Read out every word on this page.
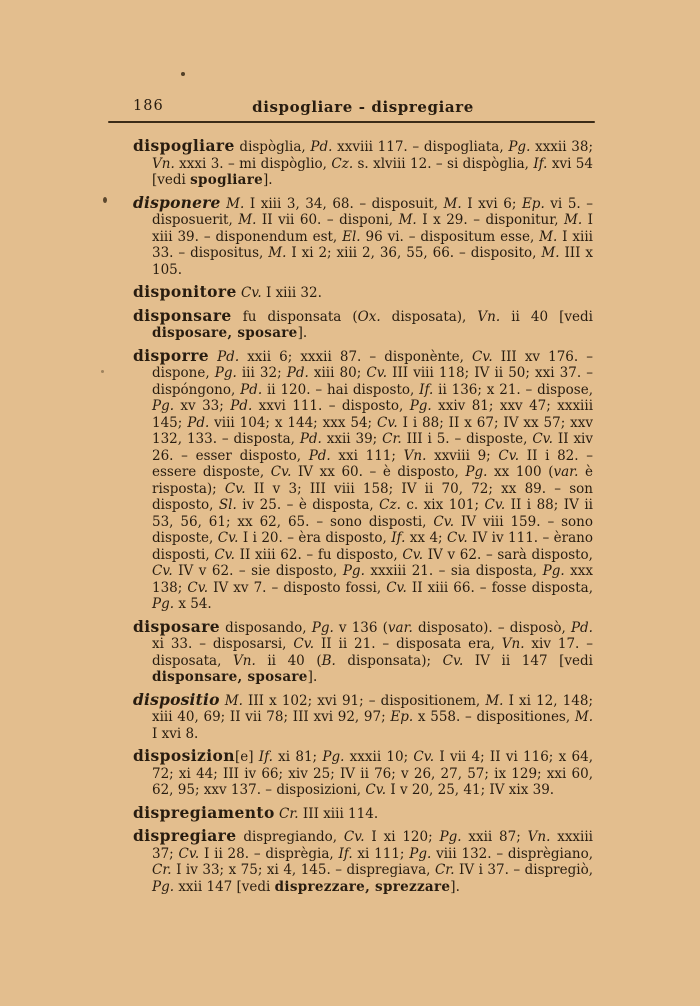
186	dispogliare - dispregiare

dispogliare dispòglia, Pd. xxviii 117. – dispogliata, Pg. xxxii 38; Vn. xxxi 3. – mi dispòglio, Cz. s. xlviii 12. – si dispòglia, If. xvi 54 [vedi spogliare].

disponere M. I xiii 3, 34, 68. – disposuit, M. I xvi 6; Ep. vi 5. – disposuerit, M. II vii 60. – disponi, M. I x 29. – disponitur, M. I xiii 39. – disponendum est, El. 96 vi. – dispositum esse, M. I xiii 33. – dispositus, M. I xi 2; xiii 2, 36, 55, 66. – disposito, M. III x 105.

disponitore Cv. I xiii 32.

disponsare fu disponsata (Ox. disposata), Vn. ii 40 [vedi disposare, sposare].

disporre Pd. xxii 6; xxxii 87. – disponènte, Cv. III xv 176. – dispone, Pg. iii 32; Pd. xiii 80; Cv. III viii 118; IV ii 50; xxi 37. – dispóngono, Pd. ii 120. – hai disposto, If. ii 136; x 21. – dispose, Pg. xv 33; Pd. xxvi 111. – disposto, Pg. xxiv 81; xxv 47; xxxiii 145; Pd. viii 104; x 144; xxx 54; Cv. I i 88; II x 67; IV xx 57; xxv 132, 133. – disposta, Pd. xxii 39; Cr. III i 5. – disposte, Cv. II xiv 26. – esser disposto, Pd. xxi 111; Vn. xxviii 9; Cv. II i 82. – essere disposte, Cv. IV xx 60. – è disposto, Pg. xx 100 (var. è risposta); Cv. II v 3; III viii 158; IV ii 70, 72; xx 89. – son disposto, Sl. iv 25. – è disposta, Cz. c. xix 101; Cv. II i 88; IV ii 53, 56, 61; xx 62, 65. – sono disposti, Cv. IV viii 159. – sono disposte, Cv. I i 20. – èra disposto, If. xx 4; Cv. IV iv 111. – èrano disposti, Cv. II xiii 62. – fu disposto, Cv. IV v 62. – sarà disposto, Cv. IV v 62. – sie disposto, Pg. xxxiii 21. – sia disposta, Pg. xxx 138; Cv. IV xv 7. – disposto fossi, Cv. II xiii 66. – fosse disposta, Pg. x 54.

disposare disposando, Pg. v 136 (var. disposato). – disposò, Pd. xi 33. – disposarsi, Cv. II ii 21. – disposata era, Vn. xiv 17. – disposata, Vn. ii 40 (B. disponsata); Cv. IV ii 147 [vedi disponsare, sposare].

dispositio M. III x 102; xvi 91; – dispositionem, M. I xi 12, 148; xiii 40, 69; II vii 78; III xvi 92, 97; Ep. x 558. – dispositiones, M. I xvi 8.

disposizion[e] If. xi 81; Pg. xxxii 10; Cv. I vii 4; II vi 116; x 64, 72; xi 44; III iv 66; xiv 25; IV ii 76; v 26, 27, 57; ix 129; xxi 60, 62, 95; xxv 137. – disposizioni, Cv. I v 20, 25, 41; IV xix 39.

dispregiamento Cr. III xiii 114.

dispregiare dispregiando, Cv. I xi 120; Pg. xxii 87; Vn. xxxiii 37; Cv. I ii 28. – disprègia, If. xi 111; Pg. viii 132. – disprègiano, Cr. I iv 33; x 75; xi 4, 145. – dispregiava, Cr. IV i 37. – dispregiò, Pg. xxii 147 [vedi disprezzare, sprezzare].
